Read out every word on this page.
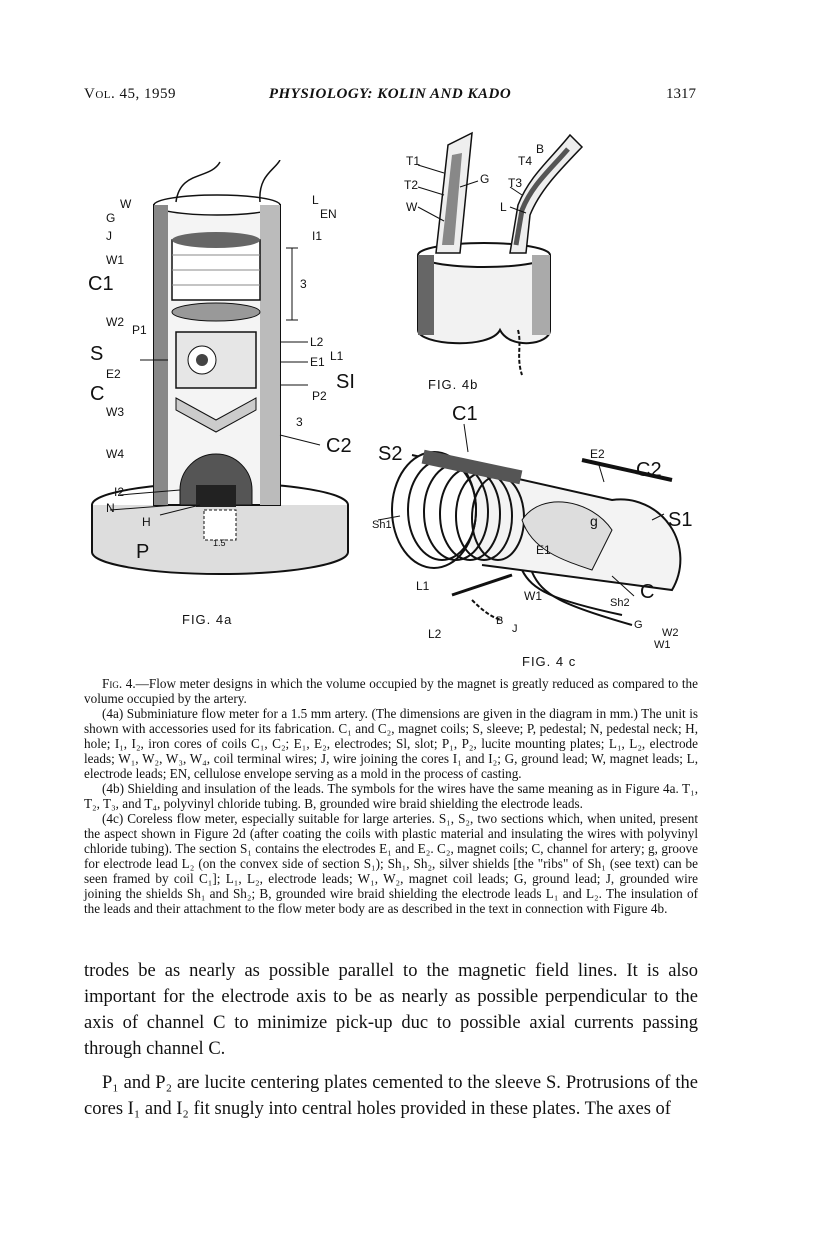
Vol. 45, 1959	PHYSIOLOGY: KOLIN AND KADO	1317
W
G
J
W1
C1
W2
P1
S
E2
C
W3
W4
I2
N
H
P
L
EN
I1
3
L2
L1
E1
SI
P2
3
C2
1.5
FIG. 4a
T1
T2	G
W
T4
B
T3
L
FIG. 4b
C1
S2	E2
C2
g	S1
Sh1
E1
C
L1
W1	Sh2
L2
B
J	G
W2
W1
FIG. 4 c

Fig. 4.—Flow meter designs in which the volume occupied by the magnet is greatly reduced as compared to the volume occupied by the artery.

(4a) Subminiature flow meter for a 1.5 mm artery. (The dimensions are given in the diagram in mm.) The unit is shown with accessories used for its fabrication. C₁ and C₂, magnet coils; S, sleeve; P, pedestal; N, pedestal neck; H, hole; I₁, I₂, iron cores of coils C₁, C₂; E₁, E₂, electrodes; Sl, slot; P₁, P₂, lucite mounting plates; L₁, L₂, electrode leads; W₁, W₂, W₃, W₄, coil terminal wires; J, wire joining the cores I₁ and I₂; G, ground lead; W, magnet leads; L, electrode leads; EN, cellulose envelope serving as a mold in the process of casting.

(4b) Shielding and insulation of the leads. The symbols for the wires have the same meaning as in Figure 4a. T₁, T₂, T₃, and T₄, polyvinyl chloride tubing. B, grounded wire braid shielding the electrode leads.

(4c) Coreless flow meter, especially suitable for large arteries. S₁, S₂, two sections which, when united, present the aspect shown in Figure 2d (after coating the coils with plastic material and insulating the wires with polyvinyl chloride tubing). The section S₁ contains the electrodes E₁ and E₂. C₂, magnet coils; C, channel for artery; g, groove for electrode lead L₂ (on the convex side of section S₁); Sh₁, Sh₂, silver shields [the "ribs" of Sh₁ (see text) can be seen framed by coil C₁]; L₁, L₂, electrode leads; W₁, W₂, magnet coil leads; G, ground lead; J, grounded wire joining the shields Sh₁ and Sh₂; B, grounded wire braid shielding the electrode leads L₁ and L₂. The insulation of the leads and their attachment to the flow meter body are as described in the text in connection with Figure 4b.

trodes be as nearly as possible parallel to the magnetic field lines. It is also important for the electrode axis to be as nearly as possible perpendicular to the axis of channel C to minimize pick-up duc to possible axial currents passing through channel C.

P₁ and P₂ are lucite centering plates cemented to the sleeve S. Protrusions of the cores I₁ and I₂ fit snugly into central holes provided in these plates. The axes of
